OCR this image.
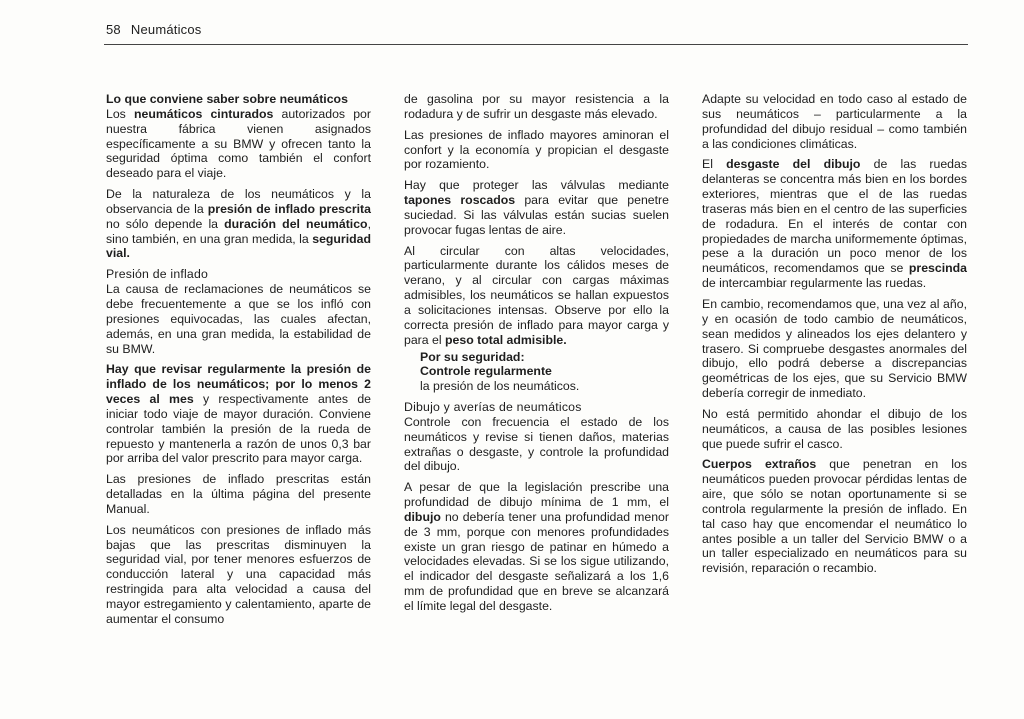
58 Neumáticos
Lo que conviene saber sobre neumáticos

Los neumáticos cinturados autorizados por nuestra fábrica vienen asignados específicamente a su BMW y ofrecen tanto la seguridad óptima como también el confort deseado para el viaje.

De la naturaleza de los neumáticos y la observancia de la presión de inflado prescrita no sólo depende la duración del neumático, sino también, en una gran medida, la seguridad vial.

Presión de inflado

La causa de reclamaciones de neumáticos se debe frecuentemente a que se los infló con presiones equivocadas, las cuales afectan, además, en una gran medida, la estabilidad de su BMW.

Hay que revisar regularmente la presión de inflado de los neumáticos; por lo menos 2 veces al mes y respectivamente antes de iniciar todo viaje de mayor duración. Conviene controlar también la presión de la rueda de repuesto y mantenerla a razón de unos 0,3 bar por arriba del valor prescrito para mayor carga.

Las presiones de inflado prescritas están detalladas en la última página del presente Manual.

Los neumáticos con presiones de inflado más bajas que las prescritas disminuyen la seguridad vial, por tener menores esfuerzos de conducción lateral y una capacidad más restringida para alta velocidad a causa del mayor estregamiento y calentamiento, aparte de aumentar el consumo

de gasolina por su mayor resistencia a la rodadura y de sufrir un desgaste más elevado.

Las presiones de inflado mayores aminoran el confort y la economía y propician el desgaste por rozamiento.

Hay que proteger las válvulas mediante tapones roscados para evitar que penetre suciedad. Si las válvulas están sucias suelen provocar fugas lentas de aire.

Al circular con altas velocidades, particularmente durante los cálidos meses de verano, y al circular con cargas máximas admisibles, los neumáticos se hallan expuestos a solicitaciones intensas. Observe por ello la correcta presión de inflado para mayor carga y para el peso total admisible.

Por su seguridad:
Controle regularmente
la presión de los neumáticos.
Dibujo y averías de neumáticos

Controle con frecuencia el estado de los neumáticos y revise si tienen daños, materias extrañas o desgaste, y controle la profundidad del dibujo.

A pesar de que la legislación prescribe una profundidad de dibujo mínima de 1 mm, el dibujo no debería tener una profundidad menor de 3 mm, porque con menores profundidades existe un gran riesgo de patinar en húmedo a velocidades elevadas. Si se los sigue utilizando, el indicador del desgaste señalizará a los 1,6 mm de profundidad que en breve se alcanzará el límite legal del desgaste.

Adapte su velocidad en todo caso al estado de sus neumáticos – particularmente a la profundidad del dibujo residual – como también a las condiciones climáticas.

El desgaste del dibujo de las ruedas delanteras se concentra más bien en los bordes exteriores, mientras que el de las ruedas traseras más bien en el centro de las superficies de rodadura. En el interés de contar con propiedades de marcha uniformemente óptimas, pese a la duración un poco menor de los neumáticos, recomendamos que se prescinda de intercambiar regularmente las ruedas.

En cambio, recomendamos que, una vez al año, y en ocasión de todo cambio de neumáticos, sean medidos y alineados los ejes delantero y trasero. Si compruebe desgastes anormales del dibujo, ello podrá deberse a discrepancias geométricas de los ejes, que su Servicio BMW debería corregir de inmediato.

No está permitido ahondar el dibujo de los neumáticos, a causa de las posibles lesiones que puede sufrir el casco.

Cuerpos extraños que penetran en los neumáticos pueden provocar pérdidas lentas de aire, que sólo se notan oportunamente si se controla regularmente la presión de inflado. En tal caso hay que encomendar el neumático lo antes posible a un taller del Servicio BMW o a un taller especializado en neumáticos para su revisión, reparación o recambio.
